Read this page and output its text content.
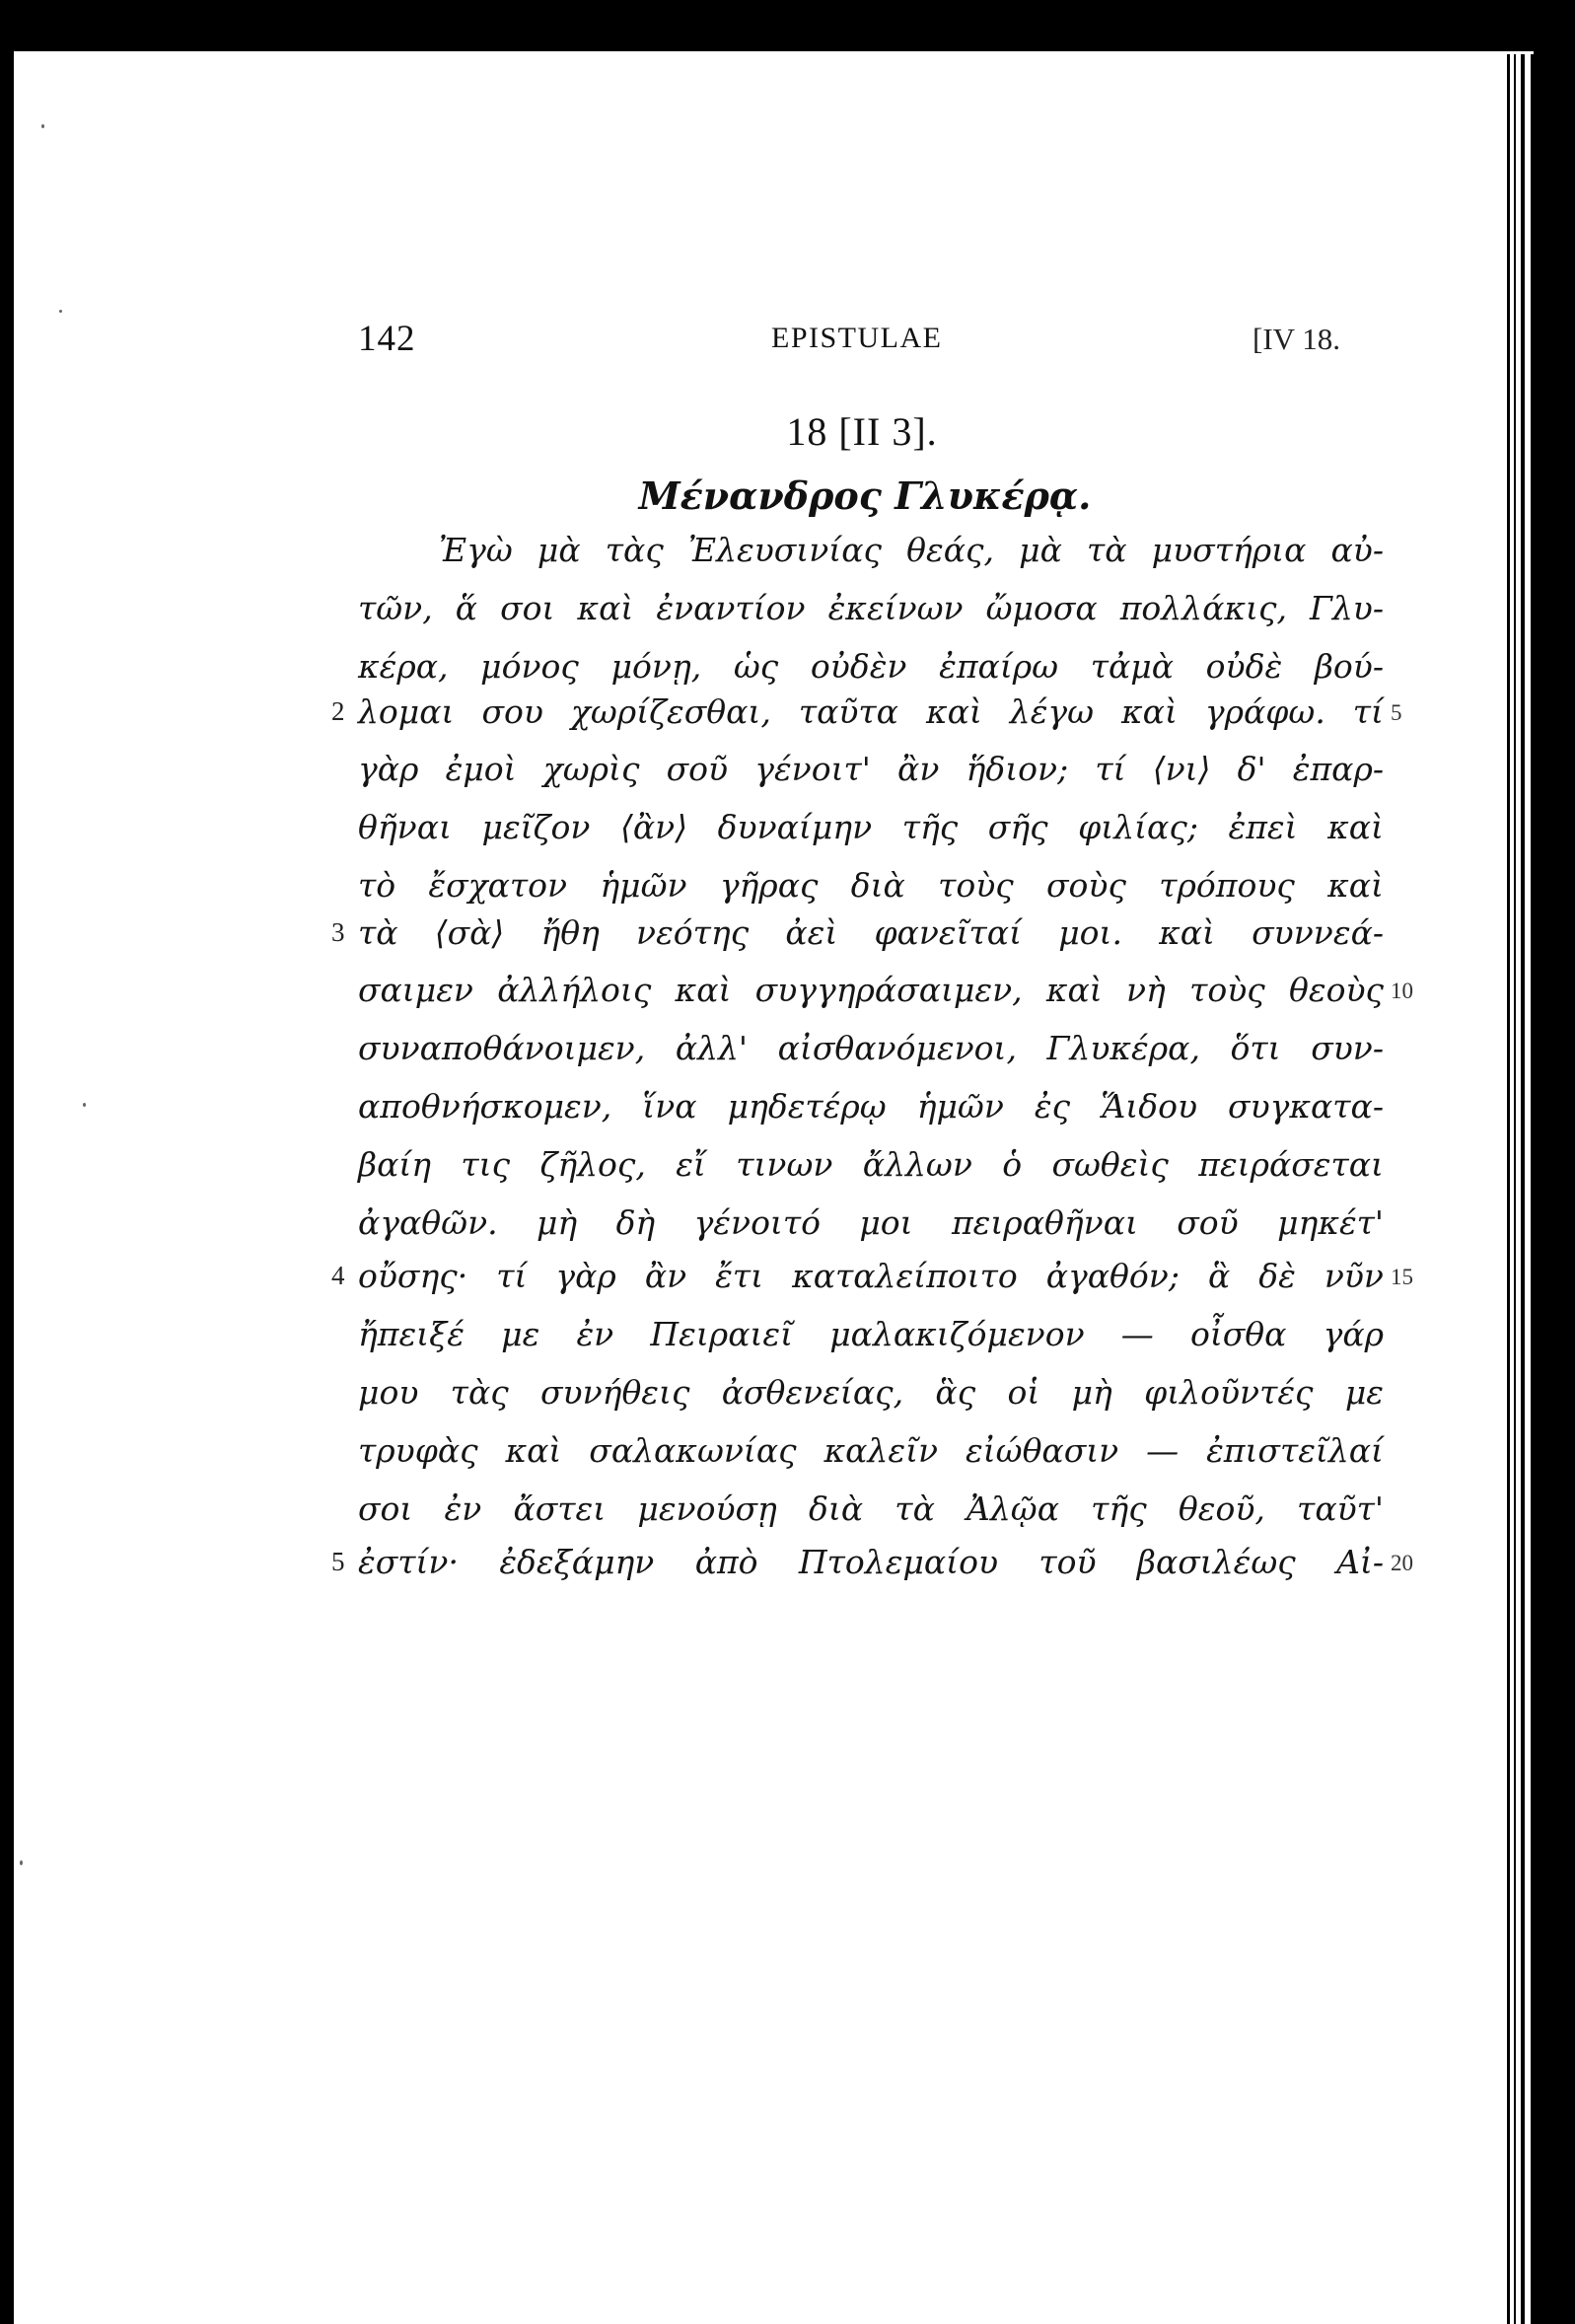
142	EPISTULAE	[IV 18.
18 [II 3].
Μένανδρος Γλυκέρᾳ.
Ἐγὼ μὰ τὰς Ἐλευσινίας θεάς, μὰ τὰ μυστήρια αὐ-
τῶν, ἅ σοι καὶ ἐναντίον ἐκείνων ὤμοσα πολλάκις, Γλυ-
κέρα, μόνος μόνῃ, ὡς οὐδὲν ἐπαίρω τἀμὰ οὐδὲ βού-
2 λομαι σου χωρίζεσθαι, ταῦτα καὶ λέγω καὶ γράφω. τί 5
γὰρ ἐμοὶ χωρὶς σοῦ γένοιτ' ἂν ἥδιον; τί ⟨νι⟩ δ' ἐπαρ-
θῆναι μεῖζον ⟨ἂν⟩ δυναίμην τῆς σῆς φιλίας; ἐπεὶ καὶ
τὸ ἔσχατον ἡμῶν γῆρας διὰ τοὺς σοὺς τρόπους καὶ
3 τὰ ⟨σὰ⟩ ἤθη νεότης ἀεὶ φανεῖταί μοι. καὶ συννεά-
σαιμεν ἀλλήλοις καὶ συγγηράσαιμεν, καὶ νὴ τοὺς θεοὺς 10
συναποθάνοιμεν, ἀλλ' αἰσθανόμενοι, Γλυκέρα, ὅτι συν-
αποθνήσκομεν, ἵνα μηδετέρῳ ἡμῶν ἐς Ἅιδου συγκατα-
βαίη τις ζῆλος, εἴ τινων ἄλλων ὁ σωθεὶς πειράσεται
ἀγαθῶν. μὴ δὴ γένοιτό μοι πειραθῆναι σοῦ μηκέτ'
4 οὔσης· τί γὰρ ἂν ἔτι καταλείποιτο ἀγαθόν; ἃ δὲ νῦν 15
ἤπειξέ με ἐν Πειραιεῖ μαλακιζόμενον — οἶσθα γάρ
μου τὰς συνήθεις ἀσθενείας, ἃς οἱ μὴ φιλοῦντές με
τρυφὰς καὶ σαλακωνίας καλεῖν εἰώθασιν — ἐπιστεῖλαί
σοι ἐν ἄστει μενούσῃ διὰ τὰ Ἀλῷα τῆς θεοῦ, ταῦτ'
5 ἐστίν· ἐδεξάμην ἀπὸ Πτολεμαίου τοῦ βασιλέως Αἰ- 20
